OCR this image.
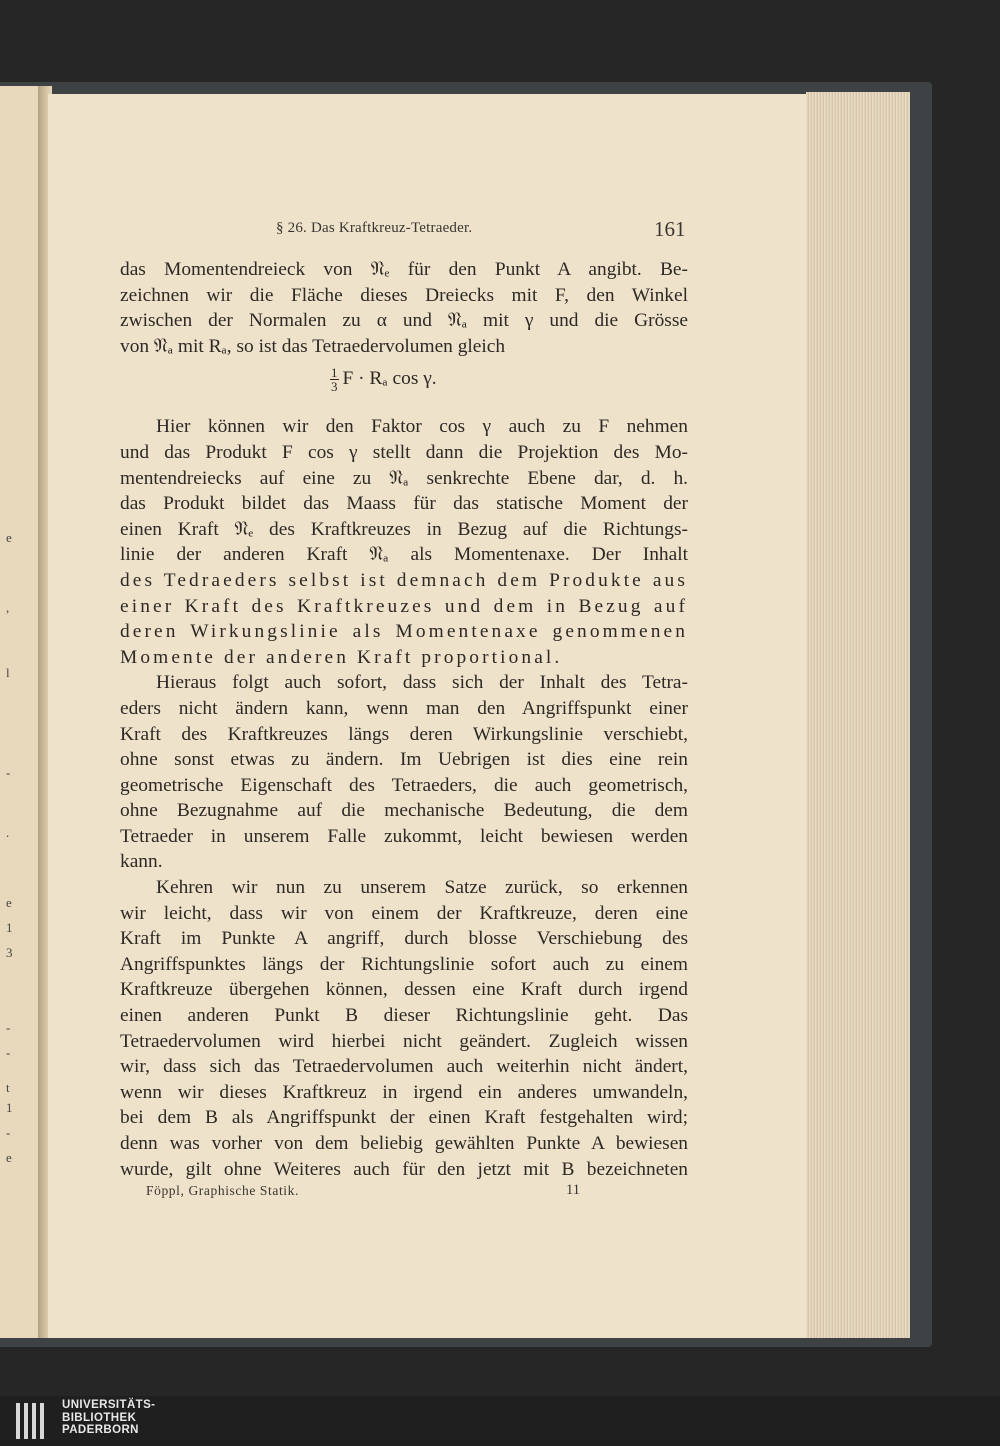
e
,
l
-
.
e
1
3
-
-
t
1
-
e
§ 26. Das Kraftkreuz-Tetraeder.	161
das Momentendreieck von 𝔑ₑ für den Punkt A angibt. Be-
zeichnen wir die Fläche dieses Dreiecks mit F, den Winkel
zwischen der Normalen zu α und 𝔑ₐ mit γ und die Grösse
von 𝔑ₐ mit Rₐ, so ist das Tetraedervolumen gleich
Hier können wir den Faktor cos γ auch zu F nehmen
und das Produkt F cos γ stellt dann die Projektion des Mo-
mentendreiecks auf eine zu 𝔑ₐ senkrechte Ebene dar, d. h.
das Produkt bildet das Maass für das statische Moment der
einen Kraft 𝔑ₑ des Kraftkreuzes in Bezug auf die Richtungs-
linie der anderen Kraft 𝔑ₐ als Momentenaxe. Der Inhalt
des Tedraeders selbst ist demnach dem Produkte aus
einer Kraft des Kraftkreuzes und dem in Bezug auf
deren Wirkungslinie als Momentenaxe genommenen
Momente der anderen Kraft proportional.
Hieraus folgt auch sofort, dass sich der Inhalt des Tetra-
eders nicht ändern kann, wenn man den Angriffspunkt einer
Kraft des Kraftkreuzes längs deren Wirkungslinie verschiebt,
ohne sonst etwas zu ändern. Im Uebrigen ist dies eine rein
geometrische Eigenschaft des Tetraeders, die auch geometrisch,
ohne Bezugnahme auf die mechanische Bedeutung, die dem
Tetraeder in unserem Falle zukommt, leicht bewiesen werden
kann.
Kehren wir nun zu unserem Satze zurück, so erkennen
wir leicht, dass wir von einem der Kraftkreuze, deren eine
Kraft im Punkte A angriff, durch blosse Verschiebung des
Angriffspunktes längs der Richtungslinie sofort auch zu einem
Kraftkreuze übergehen können, dessen eine Kraft durch irgend
einen anderen Punkt B dieser Richtungslinie geht. Das
Tetraedervolumen wird hierbei nicht geändert. Zugleich wissen
wir, dass sich das Tetraedervolumen auch weiterhin nicht ändert,
wenn wir dieses Kraftkreuz in irgend ein anderes umwandeln,
bei dem B als Angriffspunkt der einen Kraft festgehalten wird;
denn was vorher von dem beliebig gewählten Punkte A bewiesen
wurde, gilt ohne Weiteres auch für den jetzt mit B bezeichneten
$\frac{1}{3}$ F · Rₐ cos γ.
Föppl, Graphische Statik.	11
UNIVERSITÄTS-
BIBLIOTHEK
PADERBORN
